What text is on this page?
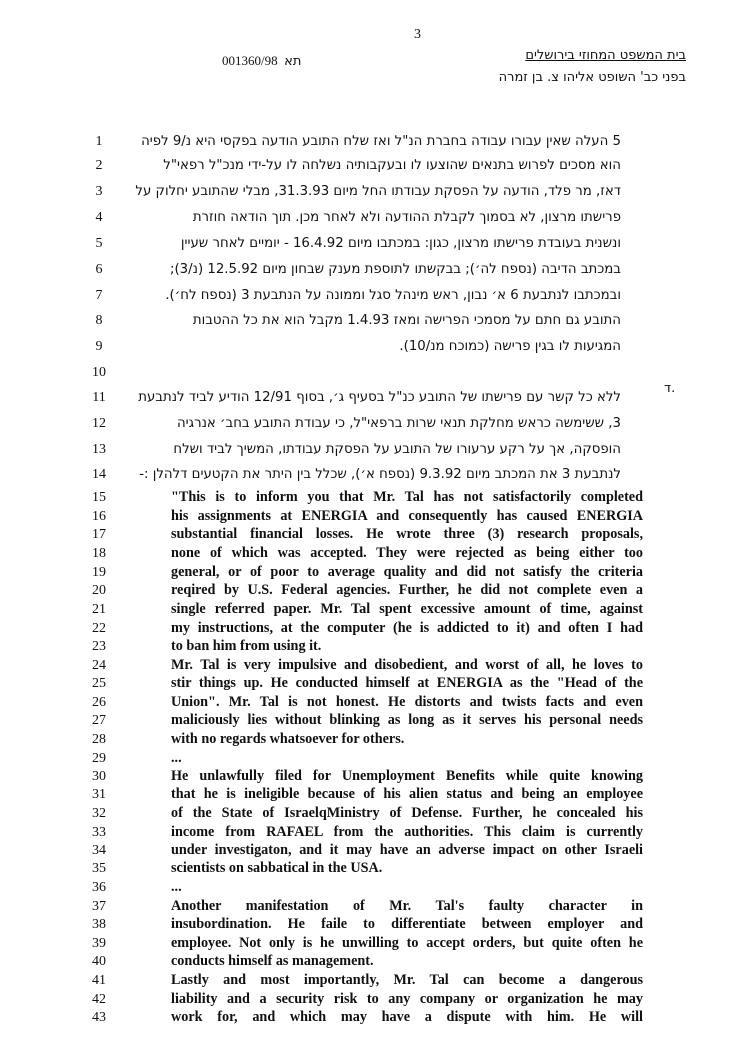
3
בית המשפט המחוזי בירושלים
בפני כב' השופט אליהו צ. בן זמרה
תא  001360/98
ד.
1	5 העלה שאין עבורו עבודה בחברת הנ"ל ואז שלח התובע הודעה בפקסי היא נ/9 לפיה
2	הוא מסכים לפרוש בתנאים שהוצעו לו ובעקבותיה נשלחה לו על-ידי מנכ"ל רפאי"ל
3	דאז, מר פלד, הודעה על הפסקת עבודתו החל מיום 31.3.93, מבלי שהתובע יחלוק על
4	פרישתו מרצון, לא בסמוך לקבלת ההודעה ולא לאחר מכן. תוך הודאה חוזרת
5	ונשנית בעובדת פרישתו מרצון, כגון: במכתבו מיום 16.4.92 - יומיים לאחר שעיין
6	במכתב הדיבה (נספח לה׳); בבקשתו לתוספת מענק שבחון מיום 12.5.92 (נ/3);
7	ובמכתבו לנתבעת 6 א׳ נבון, ראש מינהל סגל וממונה על הנתבעת 3 (נספח לח׳).
8	התובע גם חתם על מסמכי הפרישה ומאז 1.4.93 מקבל הוא את כל ההטבות
9	המגיעות לו בגין פרישה (כמוכח מנ/10).
10
11	ללא כל קשר עם פרישתו של התובע כנ"ל בסעיף ג׳, בסוף 12/91 הודיע לביד לנתבעת
12	3, ששימשה כראש מחלקת תנאי שרות ברפאי"ל, כי עבודת התובע בחב׳ אנרגיה
13	הופסקה, אך על רקע ערעורו של התובע על הפסקת עבודתו, המשיך לביד ושלח
14	לנתבעת 3 את המכתב מיום 9.3.92 (נספח א׳), שכלל בין היתר את הקטעים דלהלן :-
15	"This is to inform you that Mr. Tal has not satisfactorily completed
16	his assignments at ENERGIA and consequently has caused ENERGIA
17	substantial financial losses. He wrote three (3) research proposals,
18	none of which was accepted. They were rejected as being either too
19	general, or of poor to average quality and did not satisfy the criteria
20	reqired by U.S. Federal agencies. Further, he did not complete even a
21	single referred paper. Mr. Tal spent excessive amount of time, against
22	my instructions, at the computer (he is addicted to it) and often I had
23	to ban him from using it.
24	Mr. Tal is very impulsive and disobedient, and worst of all, he loves to
25	stir things up. He conducted himself at ENERGIA as the "Head of the
26	Union". Mr. Tal is not honest. He distorts and twists facts and even
27	maliciously lies without blinking as long as it serves his personal needs
28	with no regards whatsoever for others.
29	...
30	He unlawfully filed for Unemployment Benefits while quite knowing
31	that he is ineligible because of his alien status and being an employee
32	of the State of IsraelqMinistry of Defense. Further, he concealed his
33	income from RAFAEL from the authorities. This claim is currently
34	under investigaton, and it may have an adverse impact on other Israeli
35	scientists on sabbatical in the USA.
36	...
37	Another manifestation of Mr. Tal's faulty character in
38	insubordination. He faile to differentiate between employer and
39	employee. Not only is he unwilling to accept orders, but quite often he
40	conducts himself as management.
41	Lastly and most importantly, Mr. Tal can become a dangerous
42	liability and a security risk to any company or organization he may
43	work for, and which may have a dispute with him. He will
